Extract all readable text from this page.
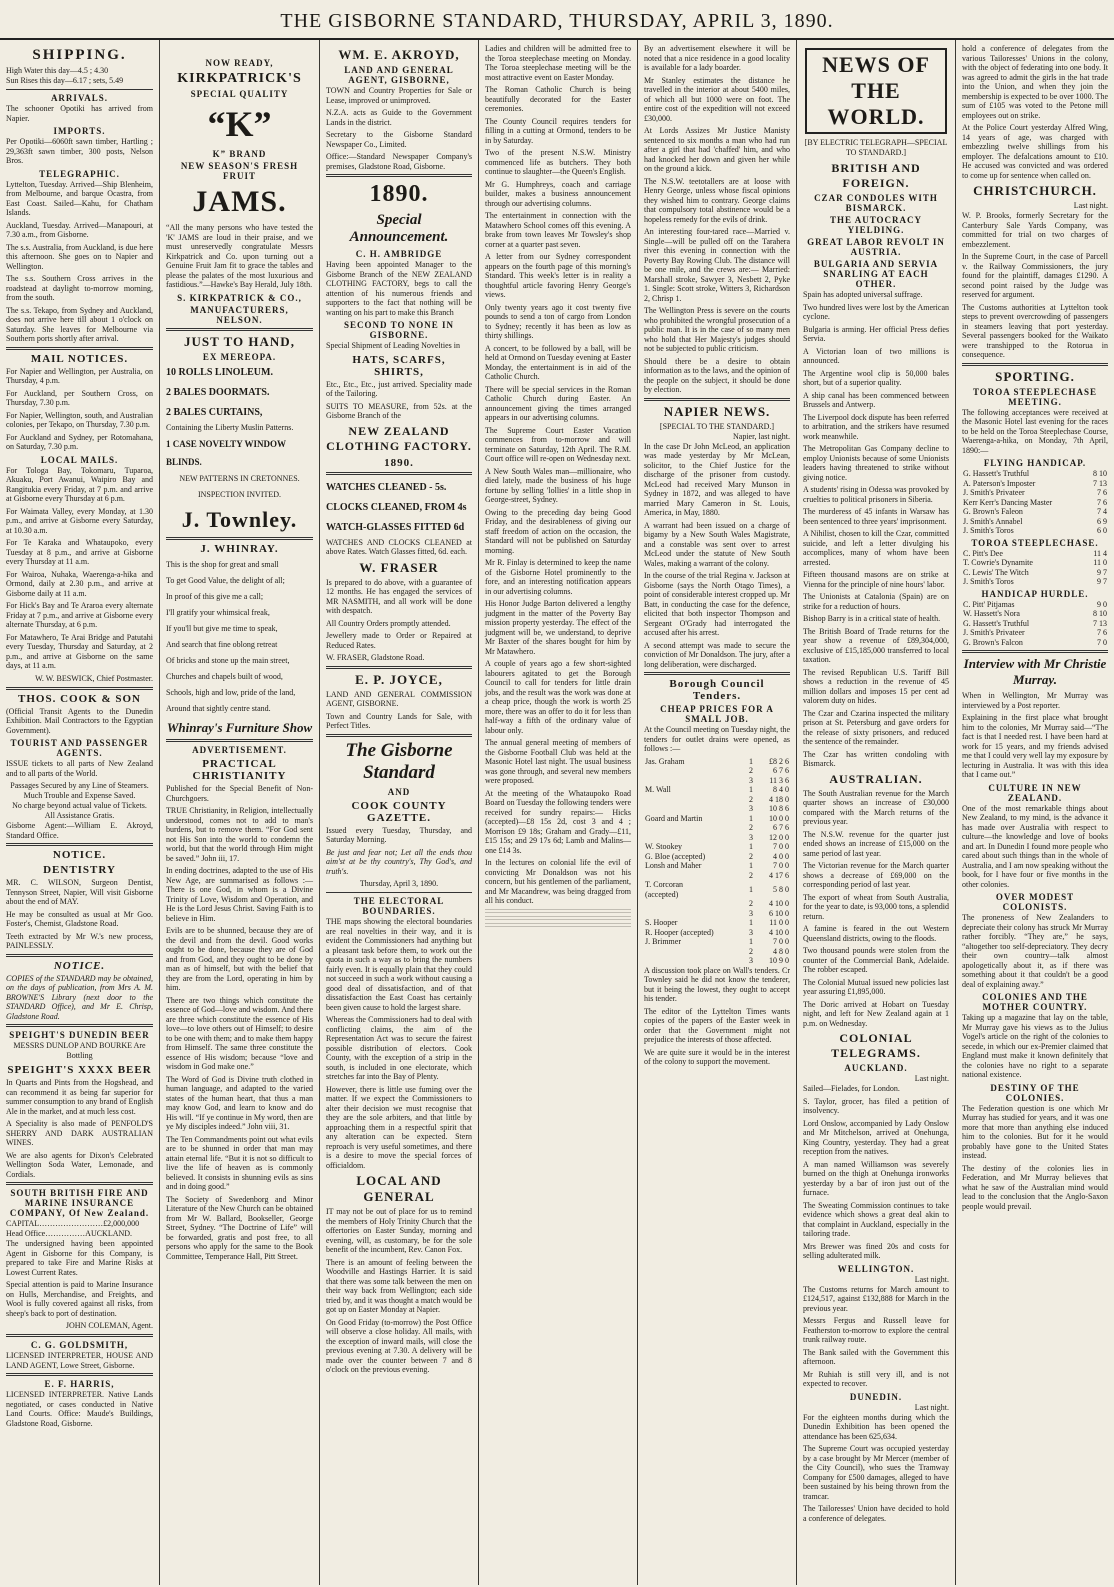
THE GISBORNE STANDARD, THURSDAY, APRIL 3, 1890.
SHIPPING.

High Water this day—4.5 ; 4.30

Sun Rises this day—6.17 ; sets, 5.49

ARRIVALS.

The schooner Opotiki has arrived from Napier.

IMPORTS.

Per Opotiki—6060ft sawn timber, Hartling ; 29,363ft sawn timber, 300 posts, Nelson Bros.

TELEGRAPHIC.

Lyttelton, Tuesday. Arrived—Ship Blenheim, from Melbourne, and barque Ocastra, from East Coast. Sailed—Kahu, for Chatham Islands.

Auckland, Tuesday. Arrived—Manapouri, at 7.30 a.m., from Gisborne.

The s.s. Australia, from Auckland, is due here this afternoon. She goes on to Napier and Wellington.

The s.s. Southern Cross arrives in the roadstead at daylight to-morrow morning, from the south.

The s.s. Tekapo, from Sydney and Auckland, does not arrive here till about 1 o'clock on Saturday. She leaves for Melbourne via Southern ports shortly after arrival.

MAIL NOTICES.

For Napier and Wellington, per Australia, on Thursday, 4 p.m.

For Auckland, per Southern Cross, on Thursday, 7.30 p.m.

For Napier, Wellington, south, and Australian colonies, per Tekapo, on Thursday, 7.30 p.m.

For Auckland and Sydney, per Rotomahana, on Saturday, 7.30 p.m.

LOCAL MAILS.

For Tologa Bay, Tokomaru, Tuparoa, Akuaku, Port Awanui, Waipiro Bay and Rangitukia every Friday, at 7 p.m. and arrive at Gisborne every Thursday at 6 p.m.

For Waimata Valley, every Monday, at 1.30 p.m., and arrive at Gisborne every Saturday, at 10.30 a.m.

For Te Karaka and Whataupoko, every Tuesday at 8 p.m., and arrive at Gisborne every Thursday at 11 a.m.

For Wairoa, Nuhaka, Waerenga-a-hika and Ormond, daily at 2.30 p.m., and arrive at Gisborne daily at 11 a.m.

For Hick's Bay and Te Araroa every alternate Friday at 7 p.m., and arrive at Gisborne every alternate Thursday, at 6 p.m.

For Matawhero, Te Arai Bridge and Patutahi every Tuesday, Thursday and Saturday, at 2 p.m., and arrive at Gisborne on the same days, at 11 a.m.

W. W. BESWICK, Chief Postmaster.

THOS. COOK & SON

(Official Transit Agents to the Dunedin Exhibition. Mail Contractors to the Egyptian Government).

TOURIST AND PASSENGER AGENTS.

ISSUE tickets to all parts of New Zealand and to all parts of the World.

Passages Secured by any Line of Steamers.

Much Trouble and Expense Saved.

No charge beyond actual value of Tickets.

All Assistance Gratis.

Gisborne Agent:—William E. Akroyd, Standard Office.

NOTICE.
DENTISTRY

MR. C. WILSON, Surgeon Dentist, Tennyson Street, Napier, Will visit Gisborne about the end of MAY.

He may be consulted as usual at Mr Goo. Foster's, Chemist, Gladstone Road.

Teeth extracted by Mr W.'s new process, PAINLESSLY.

NOTICE.

COPIES of the STANDARD may be obtained, on the days of publication, from Mrs A. M. BROWNE'S Library (next door to the STANDARD Office), and Mr E. Chrisp, Gladstone Road.

SPEIGHT'S DUNEDIN BEER

MESSRS DUNLOP AND BOURKE Are Bottling

SPEIGHT'S XXXX BEER

In Quarts and Pints from the Hogshead, and can recommend it as being far superior for summer consumption to any brand of English Ale in the market, and at much less cost.

A Speciality is also made of PENFOLD'S SHERRY AND DARK AUSTRALIAN WINES.

We are also agents for Dixon's Celebrated Wellington Soda Water, Lemonade, and Cordials.

SOUTH BRITISH FIRE AND MARINE INSURANCE COMPANY, Of New Zealand.

CAPITAL……………………£2,000,000

Head Office……………AUCKLAND.

The undersigned having been appointed Agent in Gisborne for this Company, is prepared to take Fire and Marine Risks at Lowest Current Rates.

Special attention is paid to Marine Insurance on Hulls, Merchandise, and Freights, and Wool is fully covered against all risks, from sheep's back to port of destination.

JOHN COLEMAN, Agent.

C. G. GOLDSMITH,

LICENSED INTERPRETER, HOUSE AND LAND AGENT, Lowe Street, Gisborne.

E. F. HARRIS,

LICENSED INTERPRETER. Native Lands negotiated, or cases conducted in Native Land Courts. Office: Maude's Buildings, Gladstone Road, Gisborne.

NOW READY,
KIRKPATRICK'S
SPECIAL QUALITY
“K”
K” BRAND
NEW SEASON'S FRESH FRUIT
JAMS.

“All the many persons who have tested the 'K' JAMS are loud in their praise, and we must unreservedly congratulate Messrs Kirkpatrick and Co. upon turning out a Genuine Fruit Jam fit to grace the tables and please the palates of the most luxurious and fastidious.”—Hawke's Bay Herald, July 18th.

S. KIRKPATRICK & CO.,
MANUFACTURERS, NELSON.
JUST TO HAND,
EX MEREOPA.

10 ROLLS LINOLEUM.

2 BALES DOORMATS.

2 BALES CURTAINS,

Containing the Liberty Muslin Patterns.

1 CASE NOVELTY WINDOW BLINDS.

NEW PATTERNS IN CRETONNES.

INSPECTION INVITED.

J. Townley.
J. WHINRAY.

This is the shop for great and small

To get Good Value, the delight of all;

In proof of this give me a call;

I'll gratify your whimsical freak,

If you'll but give me time to speak,

And search that fine oblong retreat

Of bricks and stone up the main street,

Churches and chapels built of wood,

Schools, high and low, pride of the land,

Around that sightly centre stand.

Whinray's Furniture Show
ADVERTISEMENT.
PRACTICAL CHRISTIANITY

Published for the Special Benefit of Non-Churchgoers.

TRUE Christianity, in Religion, intellectually understood, comes not to add to man's burdens, but to remove them. “For God sent not His Son into the world to condemn the world, but that the world through Him might be saved.” John iii, 17.

In ending doctrines, adapted to the use of His New Age, are summarised as follows :— There is one God, in whom is a Divine Trinity of Love, Wisdom and Operation, and He is the Lord Jesus Christ. Saving Faith is to believe in Him.

Evils are to be shunned, because they are of the devil and from the devil. Good works ought to be done, because they are of God and from God, and they ought to be done by man as of himself, but with the belief that they are from the Lord, operating in him by him.

There are two things which constitute the essence of God—love and wisdom. And there are three which constitute the essence of His love—to love others out of Himself; to desire to be one with them; and to make them happy from Himself. The same three constitute the essence of His wisdom; because “love and wisdom in God make one.”

The Word of God is Divine truth clothed in human language, and adapted to the varied states of the human heart, that thus a man may know God, and learn to know and do His will. “If ye continue in My word, then are ye My disciples indeed.” John viii, 31.

The Ten Commandments point out what evils are to be shunned in order that man may attain eternal life. “But it is not so difficult to live the life of heaven as is commonly believed. It consists in shunning evils as sins and in doing good.”

The Society of Swedenborg and Minor Literature of the New Church can be obtained from Mr W. Ballard, Bookseller, George Street, Sydney. “The Doctrine of Life” will be forwarded, gratis and post free, to all persons who apply for the same to the Book Committee, Temperance Hall, Pitt Street.

WM. E. AKROYD,
LAND AND GENERAL AGENT, GISBORNE,

TOWN and Country Properties for Sale or Lease, improved or unimproved.

N.Z.A. acts as Guide to the Government Lands in the district.

Secretary to the Gisborne Standard Newspaper Co., Limited.

Office:—Standard Newspaper Company's premises, Gladstone Road, Gisborne.

1890.
Special Announcement.
C. H. AMBRIDGE

Having been appointed Manager to the Gisborne Branch of the NEW ZEALAND CLOTHING FACTORY, begs to call the attention of his numerous friends and supporters to the fact that nothing will be wanting on his part to make this Branch

SECOND TO NONE IN GISBORNE.

Special Shipment of Leading Novelties in

HATS, SCARFS, SHIRTS,

Etc., Etc., Etc., just arrived. Speciality made of the Tailoring.

SUITS TO MEASURE, from 52s. at the Gisborne Branch of the

NEW ZEALAND CLOTHING FACTORY.
1890.

WATCHES CLEANED - 5s.

CLOCKS CLEANED, FROM 4s

WATCH-GLASSES FITTED 6d

WATCHES AND CLOCKS CLEANED at above Rates. Watch Glasses fitted, 6d. each.

W. FRASER

Is prepared to do above, with a guarantee of 12 months. He has engaged the services of MR NASMITH, and all work will be done with despatch.

All Country Orders promptly attended.

Jewellery made to Order or Repaired at Reduced Rates.

W. FRASER, Gladstone Road.

E. P. JOYCE,

LAND AND GENERAL COMMISSION AGENT, GISBORNE.

Town and Country Lands for Sale, with Perfect Titles.

The Gisborne Standard
AND
COOK COUNTY GAZETTE.

Issued every Tuesday, Thursday, and Saturday Morning.

Be just and fear not; Let all the ends thou aim'st at be thy country's, Thy God's, and truth's.

Thursday, April 3, 1890.

THE ELECTORAL BOUNDARIES.

THE maps showing the electoral boundaries are real novelties in their way, and it is evident the Commissioners had anything but a pleasant task before them, to work out the quota in such a way as to bring the numbers fairly even. It is equally plain that they could not succeed in such a work without causing a good deal of dissatisfaction, and of that dissatisfaction the East Coast has certainly been given cause to hold the largest share.

Whereas the Commissioners had to deal with conflicting claims, the aim of the Representation Act was to secure the fairest possible distribution of electors. Cook County, with the exception of a strip in the south, is included in one electorate, which stretches far into the Bay of Plenty.

However, there is little use fuming over the matter. If we expect the Commissioners to alter their decision we must recognise that they are the sole arbiters, and that little by approaching them in a respectful spirit that any alteration can be expected. Stern reproach is very useful sometimes, and there is a desire to move the special forces of officialdom.

LOCAL AND GENERAL

IT may not be out of place for us to remind the members of Holy Trinity Church that the offertories on Easter Sunday, morning and evening, will, as customary, be for the sole benefit of the incumbent, Rev. Canon Fox.

There is an amount of feeling between the Woodville and Hastings Harrier. It is said that there was some talk between the men on their way back from Wellington; each side tried by, and it was thought a match would be got up on Easter Monday at Napier.

On Good Friday (to-morrow) the Post Office will observe a close holiday. All mails, with the exception of inward mails, will close the previous evening at 7.30. A delivery will be made over the counter between 7 and 8 o'clock on the previous evening.

Ladies and children will be admitted free to the Toroa steeplechase meeting on Monday. The Toroa steeplechase meeting will be the most attractive event on Easter Monday.

The Roman Catholic Church is being beautifully decorated for the Easter ceremonies.

The County Council requires tenders for filling in a cutting at Ormond, tenders to be in by Saturday.

Two of the present N.S.W. Ministry commenced life as butchers. They both continue to slaughter—the Queen's English.

Mr G. Humphreys, coach and carriage builder, makes a business announcement through our advertising columns.

The entertainment in connection with the Matawhero School comes off this evening. A brake from town leaves Mr Towsley's shop corner at a quarter past seven.

A letter from our Sydney correspondent appears on the fourth page of this morning's Standard. This week's letter is in reality a thoughtful article favoring Henry George's views.

Only twenty years ago it cost twenty five pounds to send a ton of cargo from London to Sydney; recently it has been as low as thirty shillings.

A concert, to be followed by a ball, will be held at Ormond on Tuesday evening at Easter Monday, the entertainment is in aid of the Catholic Church.

There will be special services in the Roman Catholic Church during Easter. An announcement giving the times arranged appears in our advertising columns.

The Supreme Court Easter Vacation commences from to-morrow and will terminate on Saturday, 12th April. The R.M. Court office will re-open on Wednesday next.

A New South Wales man—millionaire, who died lately, made the business of his huge fortune by selling 'lollies' in a little shop in George-street, Sydney.

Owing to the preceding day being Good Friday, and the desirableness of giving our staff freedom of action on the occasion, the Standard will not be published on Saturday morning.

Mr R. Finlay is determined to keep the name of the Gisborne Hotel prominently to the fore, and an interesting notification appears in our advertising columns.

His Honor Judge Barton delivered a lengthy judgment in the matter of the Poverty Bay mission property yesterday. The effect of the judgment will be, we understand, to deprive Mr Baxter of the shares bought for him by Mr Matawhero.

A couple of years ago a few short-sighted labourers agitated to get the Borough Council to call for tenders for little drain jobs, and the result was the work was done at a cheap price, though the work is worth 25 more, there was an offer to do it for less than half-way a fifth of the ordinary value of labour only.

The annual general meeting of members of the Gisborne Football Club was held at the Masonic Hotel last night. The usual business was gone through, and several new members were proposed.

At the meeting of the Whataupoko Road Board on Tuesday the following tenders were received for sundry repairs:— Hicks (accepted)—£8 15s 2d, cost 3 and 4 ; Morrison £9 18s; Graham and Grady—£11, £15 15s; and 29 17s 6d; Lamb and Malins—one £14 3s.

In the lectures on colonial life the evil of convicting Mr Donaldson was not his concern, but his gentlemen of the parliament, and Mr Macandrew, was being dragged from all his conduct.

By an advertisement elsewhere it will be noted that a nice residence in a good locality is available for a lady boarder.

Mr Stanley estimates the distance he travelled in the interior at about 5400 miles, of which all but 1000 were on foot. The entire cost of the expedition will not exceed £30,000.

At Lords Assizes Mr Justice Manisty sentenced to six months a man who had run after a girl that had 'chaffed' him, and who had knocked her down and given her while on the ground a kick.

The N.S.W. teetotallers are at loose with Henry George, unless whose fiscal opinions they wished him to contrary. George claims that compulsory total abstinence would be a hopeless remedy for the evils of drink.

An interesting four-tared race—Married v. Single—will be pulled off on the Tarahera river this evening in connection with the Poverty Bay Rowing Club. The distance will be one mile, and the crews are:— Married: Marshall stroke, Sawyer 3, Nesbett 2, Pyke 1. Single: Scott stroke, Witters 3, Richardson 2, Chrisp 1.

The Wellington Press is severe on the courts who prohibited the wrongful prosecution of a public man. It is in the case of so many men who hold that Her Majesty's judges should not be subjected to public criticism.

Should there be a desire to obtain information as to the laws, and the opinion of the people on the subject, it should be done by election.

NAPIER NEWS.

[SPECIAL TO THE STANDARD.]

Napier, last night.

In the case Dr John McLeod, an application was made yesterday by Mr McLean, solicitor, to the Chief Justice for the discharge of the prisoner from custody. McLeod had received Mary Munson in Sydney in 1872, and was alleged to have married Mary Cameron in St. Louis, America, in May, 1880.

A warrant had been issued on a charge of bigamy by a New South Wales Magistrate, and a constable was sent over to arrest McLeod under the statute of New South Wales, making a warrant of the colony.

In the course of the trial Regina v. Jackson at Gisborne (says the North Otago Times), a point of considerable interest cropped up. Mr Batt, in conducting the case for the defence, elicited that both inspector Thompson and Sergeant O'Grady had interrogated the accused after his arrest.

A second attempt was made to secure the conviction of Mr Donaldson. The jury, after a long deliberation, were discharged.

Borough Council Tenders.
CHEAP PRICES FOR A SMALL JOB.

At the Council meeting on Tuesday night, the tenders for outlet drains were opened, as follows :—

Jas. Graham	1	£8 2 6
	2	6 7 6
	3	11 3 6
M. Wall	1	8 4 0
	2	4 18 0
	3	10 8 6
Goard and Martin	1	10 0 0
	2	6 7 6
	3	12 0 0
W. Stookey	1	7 0 0
G. Bloe (accepted)	2	4 0 0
Lonsh and Maher	1	7 0 0
	2	4 17 6
T. Corcoran (accepted)	1	5 8 0
	2	4 10 0
	3	6 10 0
S. Hooper	1	11 0 0
R. Hooper (accepted)	3	4 10 0
J. Brimmer	1	7 0 0
	2	4 8 0
	3	10 9 0

A discussion took place on Wall's tenders. Cr Townley said he did not know the tenderer, but it being the lowest, they ought to accept his tender.

The editor of the Lyttelton Times wants copies of the papers of the Easter week in order that the Government might not prejudice the interests of those affected.

We are quite sure it would be in the interest of the colony to support the movement.

NEWS OF THE
WORLD.

[BY ELECTRIC TELEGRAPH—SPECIAL TO STANDARD.]

BRITISH AND FOREIGN.
CZAR CONDOLES WITH BISMARCK.
THE AUTOCRACY YIELDING.
GREAT LABOR REVOLT IN AUSTRIA.
BULGARIA AND SERVIA SNARLING AT EACH OTHER.

Spain has adopted universal suffrage.

Two hundred lives were lost by the American cyclone.

Bulgaria is arming. Her official Press defies Servia.

A Victorian loan of two millions is announced.

The Argentine wool clip is 50,000 bales short, but of a superior quality.

A ship canal has been commenced between Brussels and Antwerp.

The Liverpool dock dispute has been referred to arbitration, and the strikers have resumed work meanwhile.

The Metropolitan Gas Company decline to employ Unionists because of some Unionists leaders having threatened to strike without giving notice.

A students' rising in Odessa was provoked by cruelties to political prisoners in Siberia.

The murderess of 45 infants in Warsaw has been sentenced to three years' imprisonment.

A Nihilist, chosen to kill the Czar, committed suicide, and left a letter divulging his accomplices, many of whom have been arrested.

Fifteen thousand masons are on strike at Vienna for the principle of nine hours' labor.

The Unionists at Catalonia (Spain) are on strike for a reduction of hours.

Bishop Barry is in a critical state of health.

The British Board of Trade returns for the year show a revenue of £89,304,000, exclusive of £15,185,000 transferred to local taxation.

The revised Republican U.S. Tariff Bill shows a reduction in the revenue of 45 million dollars and imposes 15 per cent ad valorem duty on hides.

The Czar and Czarina inspected the military prison at St. Petersburg and gave orders for the release of sixty prisoners, and reduced the sentence of the remainder.

The Czar has written condoling with Bismarck.

AUSTRALIAN.

The South Australian revenue for the March quarter shows an increase of £30,000 compared with the March returns of the previous year.

The N.S.W. revenue for the quarter just ended shows an increase of £15,000 on the same period of last year.

The Victorian revenue for the March quarter shows a decrease of £69,000 on the corresponding period of last year.

The export of wheat from South Australia, for the year to date, is 93,000 tons, a splendid return.

A famine is feared in the out Western Queensland districts, owing to the floods.

Two thousand pounds were stolen from the counter of the Commercial Bank, Adelaide. The robber escaped.

The Colonial Mutual issued new policies last year assuring £1,895,000.

The Doric arrived at Hobart on Tuesday night, and left for New Zealand again at 1 p.m. on Wednesday.

COLONIAL TELEGRAMS.
AUCKLAND.

Last night.

Sailed—Fielades, for London.

S. Taylor, grocer, has filed a petition of insolvency.

Lord Onslow, accompanied by Lady Onslow and Mr Mitchelson, arrived at Onehunga, King Country, yesterday. They had a great reception from the natives.

A man named Williamson was severely burned on the thigh at Onehunga ironworks yesterday by a bar of iron just out of the furnace.

The Sweating Commission continues to take evidence which shows a great deal akin to that complaint in Auckland, especially in the tailoring trade.

Mrs Brewer was fined 20s and costs for selling adulterated milk.

WELLINGTON.

Last night.

The Customs returns for March amount to £124,517, against £132,888 for March in the previous year.

Messrs Fergus and Russell leave for Featherston to-morrow to explore the central trunk railway route.

The Bank sailed with the Government this afternoon.

Mr Ruhiah is still very ill, and is not expected to recover.

DUNEDIN.

Last night.

For the eighteen months during which the Dunedin Exhibition has been opened the attendance has been 625,634.

The Supreme Court was occupied yesterday by a case brought by Mr Mercer (member of the City Council), who sues the Tramway Company for £500 damages, alleged to have been sustained by his being thrown from the tramcar.

The Tailoresses' Union have decided to hold a conference of delegates.

hold a conference of delegates from the various Tailoresses' Unions in the colony, with the object of federating into one body. It was agreed to admit the girls in the hat trade into the Union, and when they join the membership is expected to be over 1000. The sum of £105 was voted to the Petone mill employees out on strike.

At the Police Court yesterday Alfred Wing, 14 years of age, was charged with embezzling twelve shillings from his employer. The defalcations amount to £10. He accused was convicted and was ordered to come up for sentence when called on.

CHRISTCHURCH.

Last night.

W. P. Brooks, formerly Secretary for the Canterbury Sale Yards Company, was committed for trial on two charges of embezzlement.

In the Supreme Court, in the case of Parcell v. the Railway Commissioners, the jury found for the plaintiff, damages £1290. A second point raised by the Judge was reserved for argument.

The Customs authorities at Lyttelton took steps to prevent overcrowding of passengers in steamers leaving that port yesterday. Several passengers booked for the Waikato were transhipped to the Rotorua in consequence.

SPORTING.
TOROA STEEPLECHASE MEETING.

The following acceptances were received at the Masonic Hotel last evening for the races to be held on the Toroa Steeplechase Course, Waerenga-a-hika, on Monday, 7th April, 1890:—

FLYING HANDICAP.
G. Hassett's Truthful	8 10
A. Paterson's Imposter	7 13
J. Smith's Privateer	7 6
Kerr Kerr's Dancing Master	7 6
G. Brown's Faleon	7 4
J. Smith's Annabel	6 9
J. Smith's Toros	6 0
TOROA STEEPLECHASE.
C. Pitt's Dee	11 4
T. Cowrie's Dynamite	11 0
C. Lewis' The Witch	9 7
J. Smith's Toros	9 7
HANDICAP HURDLE.
C. Pitt' Pitjamas	9 0
W. Hassett's Nora	8 10
G. Hassett's Truthful	7 13
J. Smith's Privateer	7 6
G. Brown's Falcon	7 0
Interview with Mr Christie Murray.

When in Wellington, Mr Murray was interviewed by a Post reporter.

Explaining in the first place what brought him to the colonies, Mr Murray said—“The fact is that I needed rest. I have been hard at work for 15 years, and my friends advised me that I could very well lay my exposure by lecturing in Australia. It was with this idea that I came out.”

CULTURE IN NEW ZEALAND.

One of the most remarkable things about New Zealand, to my mind, is the advance it has made over Australia with respect to culture—the knowledge and love of books and art. In Dunedin I found more people who cared about such things than in the whole of Australia, and I am now speaking without the book, for I have four or five months in the other colonies.

OVER MODEST COLONISTS.

The proneness of New Zealanders to depreciate their colony has struck Mr Murray rather forcibly. “They are,” he says, “altogether too self-depreciatory. They decry their own country—talk almost apologetically about it, as if there was something about it that couldn't be a good deal of explaining away.”

COLONIES AND THE MOTHER COUNTRY.

Taking up a magazine that lay on the table, Mr Murray gave his views as to the Julius Vogel's article on the right of the colonies to secede, in which our ex-Premier claimed that England must make it known definitely that the colonies have no right to a separate national existence.

DESTINY OF THE COLONIES.

The Federation question is one which Mr Murray has studied for years, and it was one more that more than anything else induced him to the colonies. But for it he would probably have gone to the United States instead.

The destiny of the colonies lies in Federation, and Mr Murray believes that what he saw of the Australian mind would lead to the conclusion that the Anglo-Saxon people would prevail.
